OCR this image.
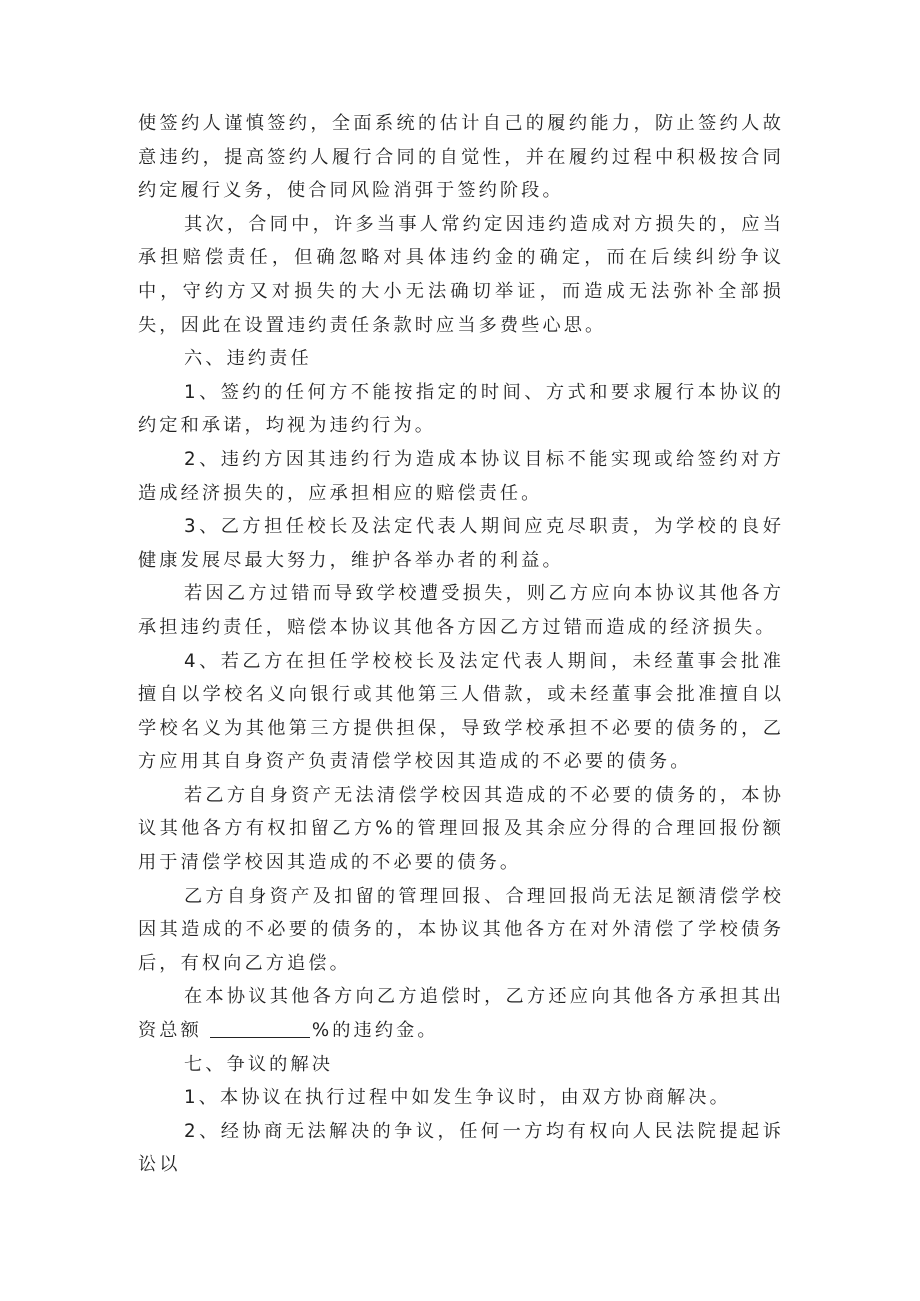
使签约人谨慎签约，全面系统的估计自己的履约能力，防止签约人故意违约，提高签约人履行合同的自觉性，并在履约过程中积极按合同约定履行义务，使合同风险消弭于签约阶段。

其次，合同中，许多当事人常约定因违约造成对方损失的，应当承担赔偿责任，但确忽略对具体违约金的确定，而在后续纠纷争议中，守约方又对损失的大小无法确切举证，而造成无法弥补全部损失，因此在设置违约责任条款时应当多费些心思。

六、违约责任

1、签约的任何方不能按指定的时间、方式和要求履行本协议的约定和承诺，均视为违约行为。

2、违约方因其违约行为造成本协议目标不能实现或给签约对方造成经济损失的，应承担相应的赔偿责任。

3、乙方担任校长及法定代表人期间应克尽职责，为学校的良好健康发展尽最大努力，维护各举办者的利益。

若因乙方过错而导致学校遭受损失，则乙方应向本协议其他各方承担违约责任，赔偿本协议其他各方因乙方过错而造成的经济损失。

4、若乙方在担任学校校长及法定代表人期间，未经董事会批准擅自以学校名义向银行或其他第三人借款，或未经董事会批准擅自以学校名义为其他第三方提供担保，导致学校承担不必要的债务的，乙方应用其自身资产负责清偿学校因其造成的不必要的债务。

若乙方自身资产无法清偿学校因其造成的不必要的债务的，本协议其他各方有权扣留乙方%的管理回报及其余应分得的合理回报份额用于清偿学校因其造成的不必要的债务。

乙方自身资产及扣留的管理回报、合理回报尚无法足额清偿学校因其造成的不必要的债务的，本协议其他各方在对外清偿了学校债务后，有权向乙方追偿。

在本协议其他各方向乙方追偿时，乙方还应向其他各方承担其出资总额	%的违约金。

七、争议的解决

1、本协议在执行过程中如发生争议时，由双方协商解决。

2、经协商无法解决的争议，任何一方均有权向人民法院提起诉讼以
